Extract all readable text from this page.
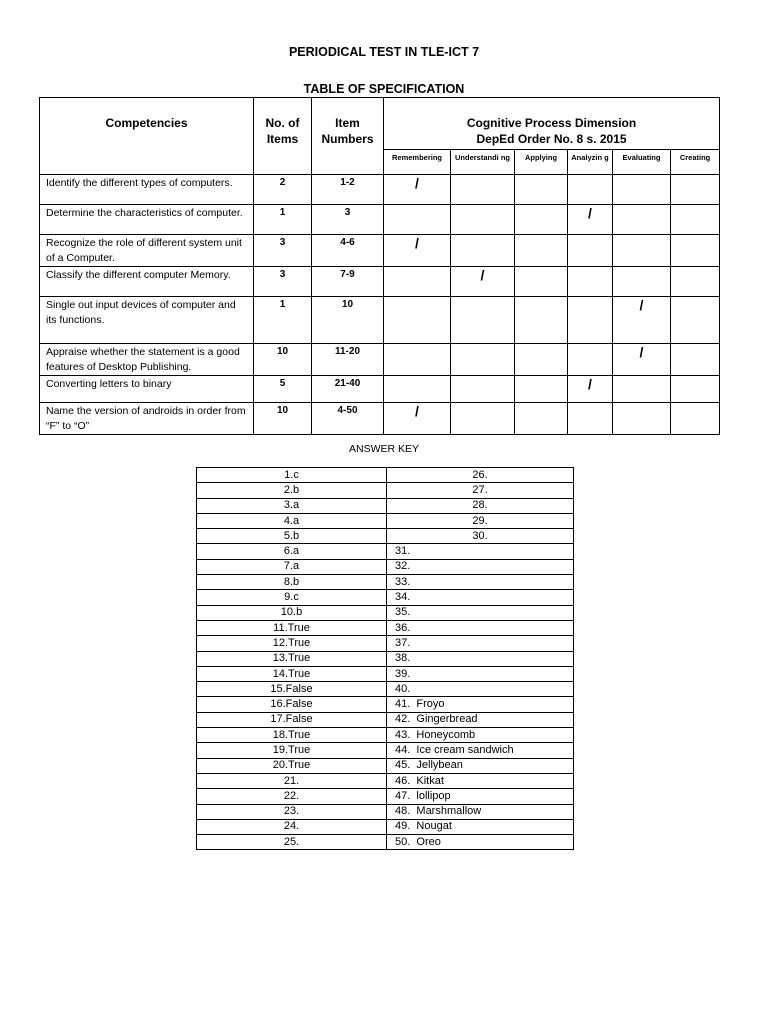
PERIODICAL TEST IN TLE-ICT 7
TABLE OF SPECIFICATION
Competencies	No. of Items	Item Numbers	Cognitive Process Dimension
DepEd Order No. 8 s. 2015					

			Remembering	Understandi ng	Applying	Analyzin g	Evaluating	Creating
Identify the different types of computers.	2	1-2	/					
Determine the characteristics of computer.	1	3				/		
Recognize the role of different system unit of a Computer.	3	4-6	/					
Classify the different computer Memory.	3	7-9		/				
Single out input devices of computer and its functions.	1	10					/	
Appraise whether the statement is a good features of Desktop Publishing.	10	11-20					/	
Converting letters to binary	5	21-40				/		
Name the version of androids in order from “F” to “O”	10	4-50	/					
ANSWER KEY
1.c	26.
2.b	27.
3.a	28.
4.a	29.
5.b	30.
6.a	31.
7.a	32.
8.b	33.
9.c	34.
10.b	35.
11.True	36.
12.True	37.
13.True	38.
14.True	39.
15.False	40.
16.False	41.  Froyo
17.False	42.  Gingerbread
18.True	43.  Honeycomb
19.True	44.  Ice cream sandwich
20.True	45.  Jellybean
21.	46.  Kitkat
22.	47.  lollipop
23.	48.  Marshmallow
24.	49.  Nougat
25.	50.  Oreo
